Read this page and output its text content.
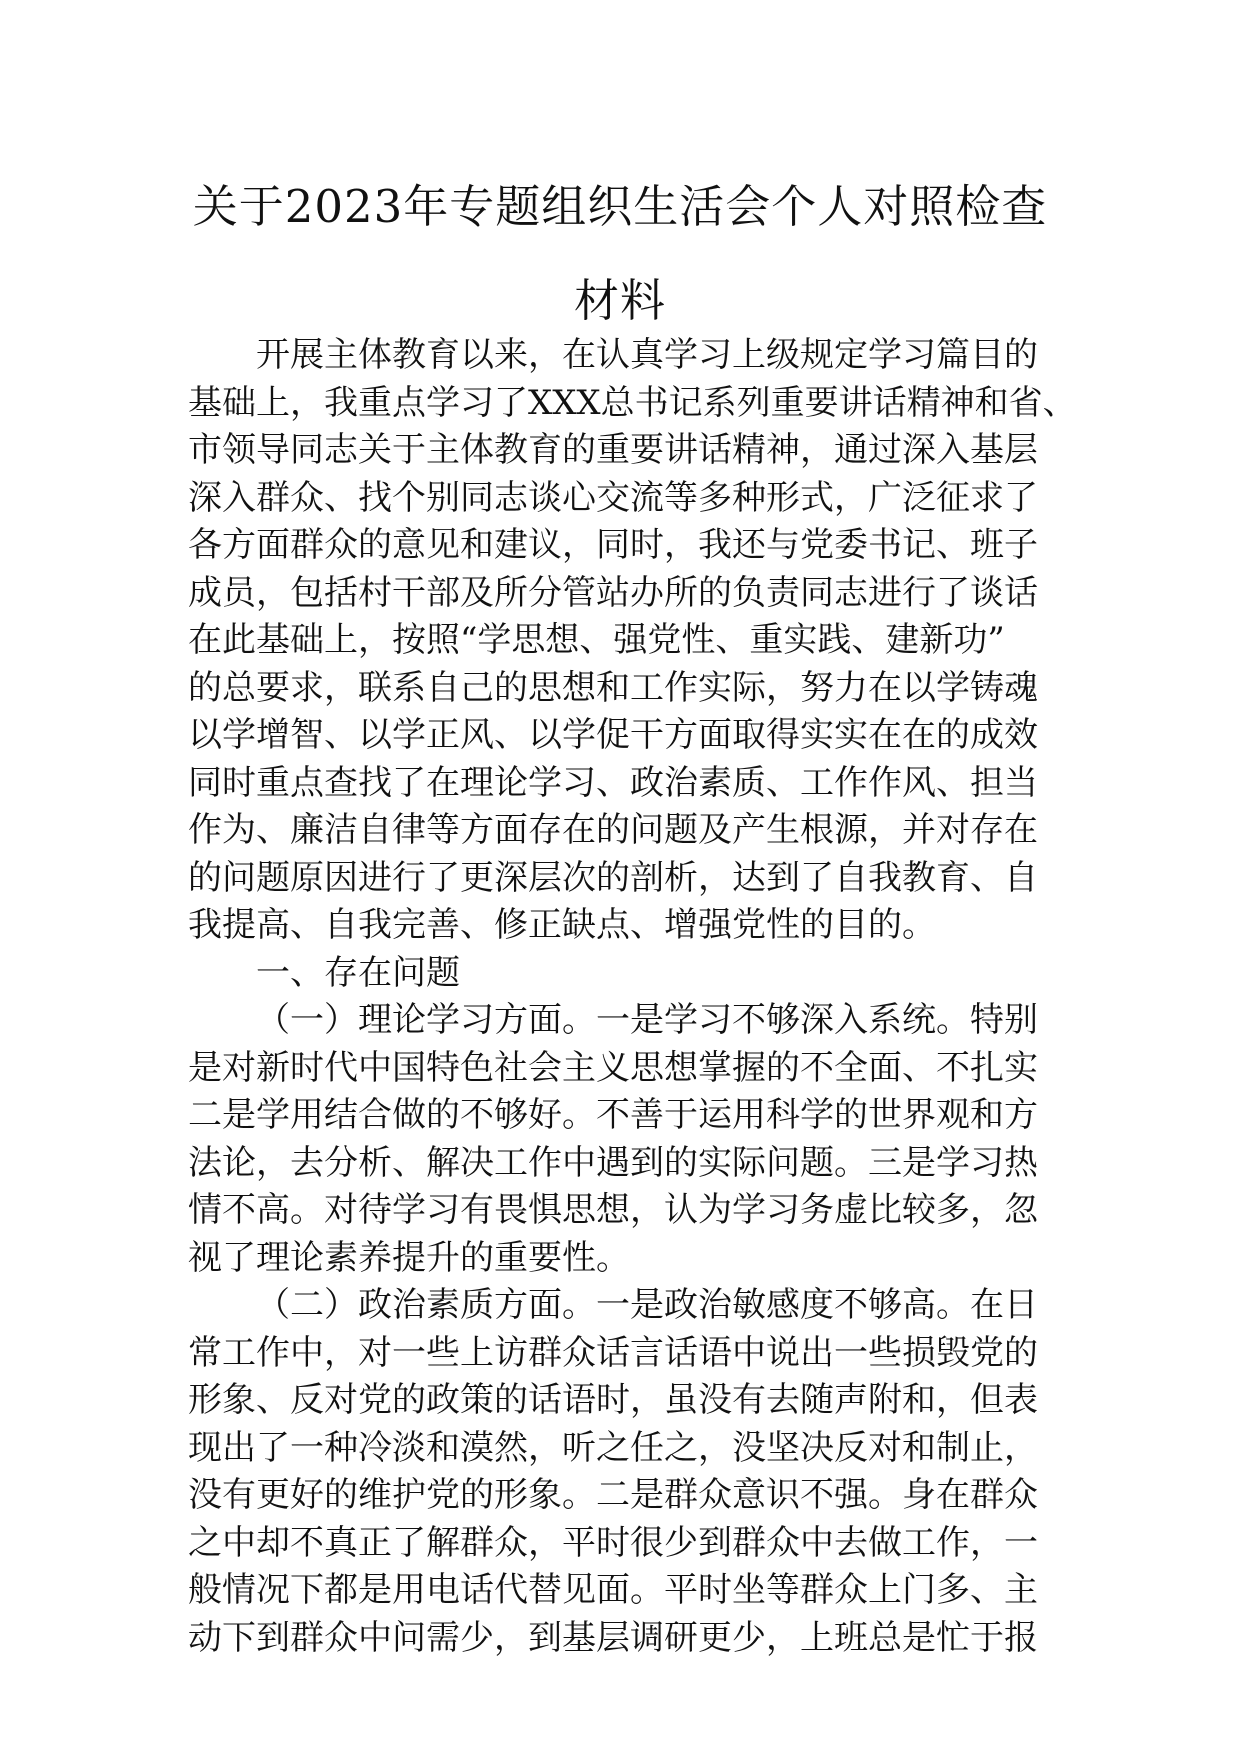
关于2023年专题组织生活会个人对照检查
材料
开展主体教育以来，在认真学习上级规定学习篇目的
基础上，我重点学习了XXX总书记系列重要讲话精神和省、
市领导同志关于主体教育的重要讲话精神，通过深入基层
深入群众、找个别同志谈心交流等多种形式，广泛征求了
各方面群众的意见和建议，同时，我还与党委书记、班子
成员，包括村干部及所分管站办所的负责同志进行了谈话
在此基础上，按照“学思想、强党性、重实践、建新功”
的总要求，联系自己的思想和工作实际，努力在以学铸魂
以学增智、以学正风、以学促干方面取得实实在在的成效
同时重点查找了在理论学习、政治素质、工作作风、担当
作为、廉洁自律等方面存在的问题及产生根源，并对存在
的问题原因进行了更深层次的剖析，达到了自我教育、自
我提高、自我完善、修正缺点、增强党性的目的。
一、存在问题
（一）理论学习方面。一是学习不够深入系统。特别
是对新时代中国特色社会主义思想掌握的不全面、不扎实
二是学用结合做的不够好。不善于运用科学的世界观和方
法论，去分析、解决工作中遇到的实际问题。三是学习热
情不高。对待学习有畏惧思想，认为学习务虚比较多，忽
视了理论素养提升的重要性。
（二）政治素质方面。一是政治敏感度不够高。在日
常工作中，对一些上访群众话言话语中说出一些损毁党的
形象、反对党的政策的话语时，虽没有去随声附和，但表
现出了一种冷淡和漠然，听之任之，没坚决反对和制止，
没有更好的维护党的形象。二是群众意识不强。身在群众
之中却不真正了解群众，平时很少到群众中去做工作，一
般情况下都是用电话代替见面。平时坐等群众上门多、主
动下到群众中问需少，到基层调研更少，上班总是忙于报
